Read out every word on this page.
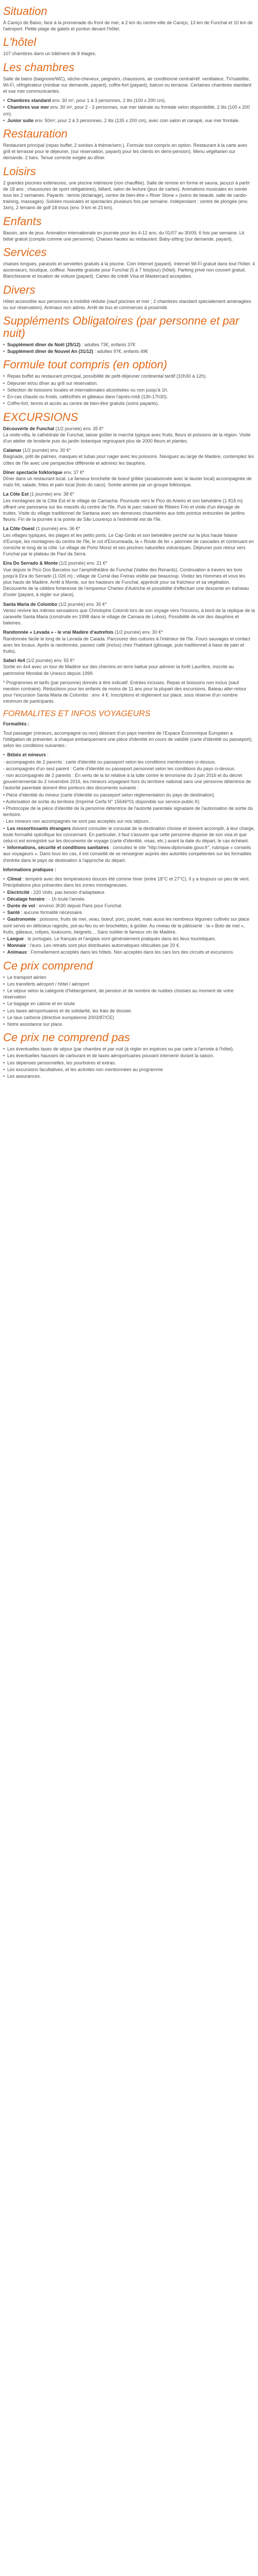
Situation
À Caniço de Baixo, face à la promenade du front de mer, à 2 km du centre-ville de Caniço, 13 km de Funchal et 10 km de l'aéroport. Petite plage de galets et ponton devant l'hôtel.
L'hôtel
107 chambres dans un bâtiment de 8 étages.
Les chambres
Salle de bains (baignoire/WC), sèche-cheveux, peignoirs, chaussons, air conditionné central/réf. ventilateur, TV/satellite, Wi-Fi, réfrigérateur (minibar sur demande, payant), coffre-fort (payant), balcon ou terrasse. Certaines chambres standard et vue mer communicantes.
• Chambres standard env. 30 m², pour 1 à 3 personnes, 2 lits (100 x 200 cm).
• Chambres vue mer env. 30 m², pour 2 - 3 personnes, vue mer latérale ou frontale selon disponibilité, 2 lits (100 x 200 cm).
• Junior suite env. 50m², pour 2 à 3 personnes, 2 lits (135 x 200 cm), avec coin salon et canapé, vue mer frontale.
Restauration
Restaurant principal (repas buffet, 2 soirées à thème/sem.). Formule tout compris en option. Restaurant à la carte avec grill et terrasse pour le déjeuner, (sur réservation, payant) pour les clients en demi-pension). Menu végétarien sur demande. 2 bars. Tenue correcte exigée au dîner.
Loisirs
2 grandes piscines extérieures, une piscine intérieure (non chauffée). Salle de remise en forme et sauna, jacuzzi à partir de 18 ans ; chaussures de sport obligatoires), billard, salon de lecture (jeux de cartes). Animations musicales en soirée tous les 2 semaines. Payants : tennis (éclairage), centre de bien-être « River Stone » (soins de beauté, salle de cardio-training, massages). Soirées musicales et spectacles plusieurs fois par semaine. Indépendant : centre de plongée (env. 1km), 2 terrains de golf 18 trous (env. 9 km et 23 km).
Enfants
Bassin, aire de jeux. Animation internationale en journée pour les 4-12 ans, du 01/07 au 30/09, 6 fois par semaine. Lit bébé gratuit (compte comme une personne). Chaises hautes au restaurant. Baby-sitting (sur demande, payant).
Services
chaises longues, parasols et serviettes gratuits à la piscine. Coin Internet (payant). Internet Wi-Fi gratuit dans tout l'hôtel. 4 ascenseurs, boutique, coiffeur. Navette gratuite pour Funchal (5 à 7 fois/jour) (hôtel). Parking privé non couvert gratuit. Blanchisserie et location de voiture (payant). Cartes de crédit Visa et Mastercard acceptées.
Divers
Hôtel accessible aux personnes à mobilité réduite (sauf piscines et mer ; 2 chambres standard spécialement aménagées ou sur réservation). Animaux non admis. Arrêt de bus et commerces à proximité.
Suppléments Obligatoires (par personne et par nuit)
• Supplément dîner de Noël (25/12) : adultes 73€, enfants 37€
• Supplément dîner de Nouvel An (31/12) : adultes 97€, enfants 49€
Formule tout compris (en option)
• Repas buffet au restaurant principal, possibilité de petit-déjeuner continental tardif (10h30 à 12h).
• Déjeuner et/ou dîner au grill sur réservation.
• Sélection de boissons locales et internationales alcoolisées ou non jusqu'à 1h.
• En-cas chauds ou froids, cafés/thés et gâteaux dans l'après-midi (13h-17h30).
• Coffre-fort, tennis et accès au centre de bien-être gratuits (soins payants).
EXCURSIONS
Découverte de Funchal (1/2 journée) env. 35 €*
La visite-villa, le cathédrale de Funchal, laisse goûter le marché typique avec fruits, fleurs et poissons de la région. Visite d'un atelier de broderie puis du jardin botanique regroupant plus de 2000 fleurs et plantes.
Calamar (1/2 journée) env. 30 €*
Baignade, prêt de palmes, masques et tubas pour nager avec les poissons. Naviguez au large de Madère, contemplez les côtes de l'île avec une perspective différente et admirez les dauphins.
Dîner spectacle folklorique env. 37 €*
Dîner dans un restaurant local. Le fameux brochette de boeuf grillée (assaisonnée avec le laurier local) accompagnée de maïs frit, salade, frites et pain local (bolo do caco). Soirée animée par un groupe folklorique.
La Côte Est (1 journée) env. 38 €*
Les montagnes de la Côte Est et le village de Camacha. Poursuite vers le Pico do Arieiro et son belvédère (1 818 m) offrant une panorama sur les massifs du centre de l'île. Puis le parc naturel de Ribeiro Frio et visite d'un élevage de truites. Visite du village traditionnel de Santana avec ses demeures chaumières aux toits pointus entourées de jardins fleuris. Fin de la journée à la pointe de São Lourenço à l'extrémité est de l'île.
La Côte Ouest (1 journée) env. 36 €*
Les villages typiques, les plages et les petits ports. Le Cap Girão et son belvédère perché sur la plus haute falaise d'Europe, les montagnes du centre de l'île, le col d'Encumeada, la « Route de fer » jalonnée de cascades et continuant en corniche le long de la côte. Le village de Porto Moniz et ses piscines naturelles volcaniques. Déjeuner puis retour vers Funchal par le plateau de Paul da Serra.
Eira Do Serrado & Monte (1/2 journée) env. 21 €*
Vue depuis le Pico Dos Barcelos sur l'amphithéâtre de Funchal (Vallée des Renards). Continuation à travers les bois jusqu'à Eira do Serrado (1 026 m) ; village de Curral das Freiras visible par beaucoup. Visitez les Hommes et vous les plus hauts de Madère. Arrêt à Monte, sur les hauteurs de Funchal, apprécié pour sa fraîcheur et sa végétation. Découverte de la célèbre forteresse de l'empereur Charles d'Autriche et possibilité d'effectuer une descente en traîneau d'osier (payant, à régler sur place).
Santa Maria de Colombo (1/2 journée) env. 35 €*
Venez revivre les mêmes sensations que Christophe Colomb lors de son voyage vers l'Inconnu, à bord de la réplique de la caravelle Santa Maria (construite en 1998 dans le village de Camara de Lobos). Possibilité de voir des dauphins et baleines.
Randonnée « Levada » - le vrai Madère d'autrefois (1/2 journée) env. 30 €*
Randonnée facile le long de la Levada de Caiada. Parcourez des cultures à l'intérieur de l'île. Fours sauvages et contact avec les locaux. Après la randonnée, passez café (inclus) chez l'habitant (glissage, puis traditionnel à base de pain et fruits).
Safari 4x4 (1/2 journée) env. 55 €*
Sortie en 4x4 avec un tour de Madère sur des chemins en terre battue pour admirer la forêt Laurifère, inscrite au patrimoine Mondial de Unesco depuis 1999.
* Programmes et tarifs (par personne) donnés à titre indicatif. Entrées incluses. Repas et boissons non inclus (sauf mention contraire). Réductions pour les enfants de moins de 11 ans pour la plupart des excursions. Bateau aller-retour pour l'excursion Santa Maria de Colombo : env. 4 €. Inscriptions et règlement sur place, sous réserve d'un nombre minimum de participants.
FORMALITES ET INFOS VOYAGEURS
Formalités :
Tout passager (mineurs, accompagné ou non) désirant d'un pays membre de l'Espace Économique Européen a l'obligation de présenter, à chaque embarquement une pièce d'identité en cours de validité (carte d'identité ou passeport), selon les conditions suivantes :
• Bébés et mineurs :
- accompagnés de 2 parents : carte d'identité ou passeport selon les conditions mentionnées ci-dessus.
- accompagnés d'un seul parent : Carte d'identité ou passeport personnel selon les conditions du pays ci-dessus.
- non accompagnés de 2 parents : En vertu de la loi relative à la lutte contre le terrorisme du 3 juin 2016 et du décret gouvernemental du 2 novembre 2016, les mineurs voyageant hors du territoire national sans une personne détentrice de l'autorité parentale doivent être porteurs des documents suivants :
• Pièce d'identité du mineur (carte d'identité ou passeport selon réglementation du pays de destination)
• Autorisation de sortie du territoire (Imprimé Cerfa N° 15646*01 disponible sur service-public.fr)
• Photocopie de la pièce d'identité de la personne détentrice de l'autorité parentale signataire de l'autorisation de sortie du territoire.
- Les mineurs non accompagnés ne sont pas acceptés sur nos séjours.
• Les ressortissants étrangers doivent consulter le consulat de la destination choisie et doivent accomplir, à leur charge, toute formalité spécifique les concernant. En particulier, il faut s'assurer que cette personne dispose de son visa et que celui-ci est enregistré sur les documents de voyage (carte d'identité, visas, etc.) avant la date du départ, le cas échéant.
• Informations, sécurité et conditions sanitaires : consultez le site "http://www.diplomatie.gouv.fr", rubrique « conseils aux voyageurs ». Dans tous les cas, il est conseillé de se renseigner auprès des autorités compétentes sur les formalités d'entrée dans le pays de destination à l'approche du départ.
Informations pratiques :
• Climat : tempéré avec des températures douces été comme hiver (entre 18°C et 27°C). Il y a toujours un peu de vent. Précipitations plus présentes dans les zones montagneuses.
• Electricité : 220 Volts, pas besoin d'adaptateur.
• Décalage horaire : - 1h toute l'année.
• Durée de vol : environ 3h30 depuis Paris pour Funchal.
• Santé : aucune formalité nécessaire.
• Gastronomie : poissons, fruits de mer, veau, boeuf, porc, poulet, mais aussi les nombreux légumes cultivés sur place sont servis en délicieux ragoûts, pot-au-feu ou en brochettes, à goûter. Au niveau de la pâtisserie : la « Bolo de mel », fruits, gâteaux, crêpes, loukoums, beignets… Sans oublier le fameux vin de Madère.
• Langue : le portugais. Le français et l'anglais sont généralement pratiqués dans les lieux touristiques.
• Monnaie : l'euro. Les retraits sont plus distribuées automatiques réticulées par 20 €.
• Animaux : Formellement acceptés dans les hôtels. Non acceptés dans les cars lors des circuits et excursions.
Ce prix comprend
• Le transport aérien
• Les transferts aéroport / hôtel / aéroport
• Le séjour selon la catégorie d'hébergement, de pension et de nombre de nuitées choisies au moment de votre réservation
• Le bagage en cabine et en soute
• Les taxes aéroportuaires et de solidarité, les frais de dossier.
• Le taux carbone (directive européenne 2003/87/CE)
• Notre assistance sur place.
Ce prix ne comprend pas
• Les éventuelles taxes de séjour (par chambre et par nuit (à régler en espèces ou par carte à l'arrivée à l'hôtel).
• Les éventuelles hausses de carburant et de taxes aéroportuaires pouvant intervenir durant la saison.
• Les dépenses personnelles, les pourboires et extras.
• Les excursions facultatives, et les activités non mentionnées au programme
• Les assurances.
